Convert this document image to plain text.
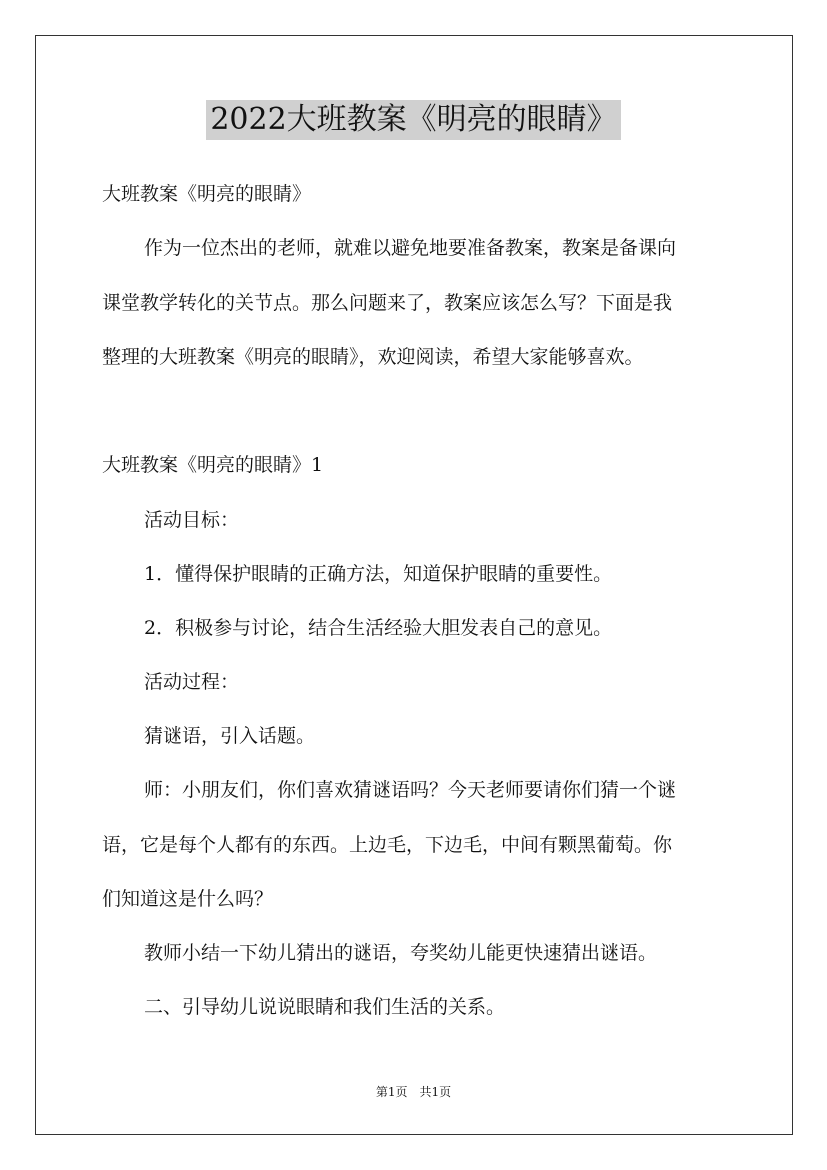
2022大班教案《明亮的眼睛》
大班教案《明亮的眼睛》
作为一位杰出的老师，就难以避免地要准备教案，教案是备课向
课堂教学转化的关节点。那么问题来了，教案应该怎么写？下面是我
整理的大班教案《明亮的眼睛》，欢迎阅读，希望大家能够喜欢。
大班教案《明亮的眼睛》1
活动目标：
1．懂得保护眼睛的正确方法，知道保护眼睛的重要性。
2．积极参与讨论，结合生活经验大胆发表自己的意见。
活动过程：
猜谜语，引入话题。
师：小朋友们，你们喜欢猜谜语吗？今天老师要请你们猜一个谜
语，它是每个人都有的东西。上边毛，下边毛，中间有颗黑葡萄。你
们知道这是什么吗？
教师小结一下幼儿猜出的谜语，夸奖幼儿能更快速猜出谜语。
二、引导幼儿说说眼睛和我们生活的关系。
第1页　共1页
